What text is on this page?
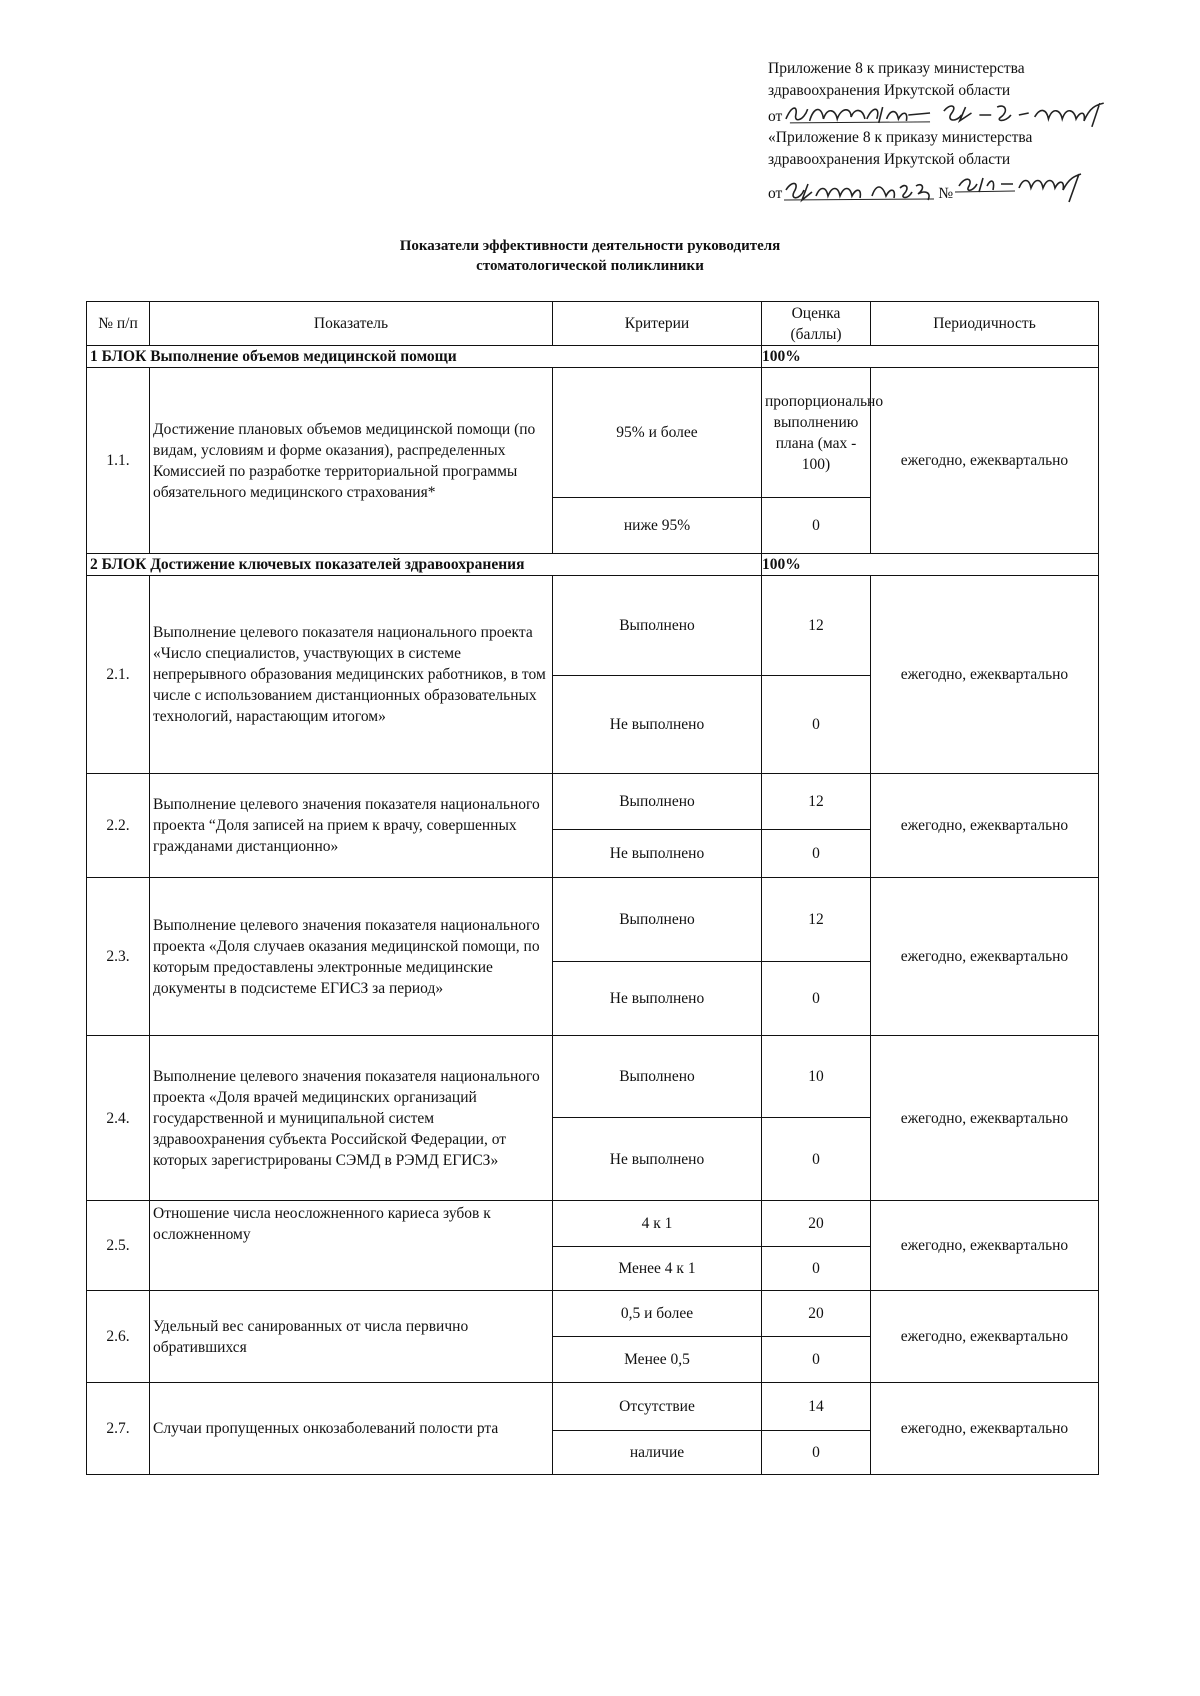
Приложение 8 к приказу министерства
здравоохранения Иркутской области
от
«Приложение 8 к приказу министерства
здравоохранения Иркутской области
от	№
Показатели эффективности деятельности руководителя
стоматологической поликлиники
№ п/п	Показатель	Критерии	Оценка (баллы)	Периодичность
1 БЛОК Выполнение объемов медицинской помощи			100%	
1.1.	Достижение плановых объемов медицинской помощи (по видам, условиям и форме оказания), распределенных Комиссией по разработке территориальной программы обязательного медицинского страхования*	95% и более	пропорционально выполнению плана (мах - 100)	ежегодно, ежеквартально
		ниже 95%	0	
2 БЛОК Достижение ключевых показателей здравоохранения			100%	
2.1.	Выполнение целевого показателя национального проекта «Число специалистов, участвующих в системе непрерывного образования медицинских работников, в том числе с использованием дистанционных образовательных технологий, нарастающим итогом»	Выполнено	12	ежегодно, ежеквартально
		Не выполнено	0	
2.2.	Выполнение целевого значения показателя национального проекта “Доля записей на прием к врачу, совершенных гражданами дистанционно»	Выполнено	12	ежегодно, ежеквартально
		Не выполнено	0	
2.3.	Выполнение целевого значения показателя национального проекта «Доля случаев оказания медицинской помощи, по которым предоставлены электронные медицинские документы в подсистеме ЕГИСЗ за период»	Выполнено	12	ежегодно, ежеквартально
		Не выполнено	0	
2.4.	Выполнение целевого значения показателя национального проекта «Доля врачей медицинских организаций государственной и муниципальной систем здравоохранения субъекта Российской Федерации, от которых зарегистрированы СЭМД в РЭМД ЕГИСЗ»	Выполнено	10	ежегодно, ежеквартально
		Не выполнено	0	
2.5.	Отношение числа неосложненного кариеса зубов к осложненному	4 к 1	20	ежегодно, ежеквартально
		Менее 4 к 1	0	
2.6.	Удельный вес санированных от числа первично обратившихся	0,5 и более	20	ежегодно, ежеквартально
		Менее 0,5	0	
2.7.	Случаи пропущенных онкозаболеваний полости рта	Отсутствие	14	ежегодно, ежеквартально
		наличие	0	
